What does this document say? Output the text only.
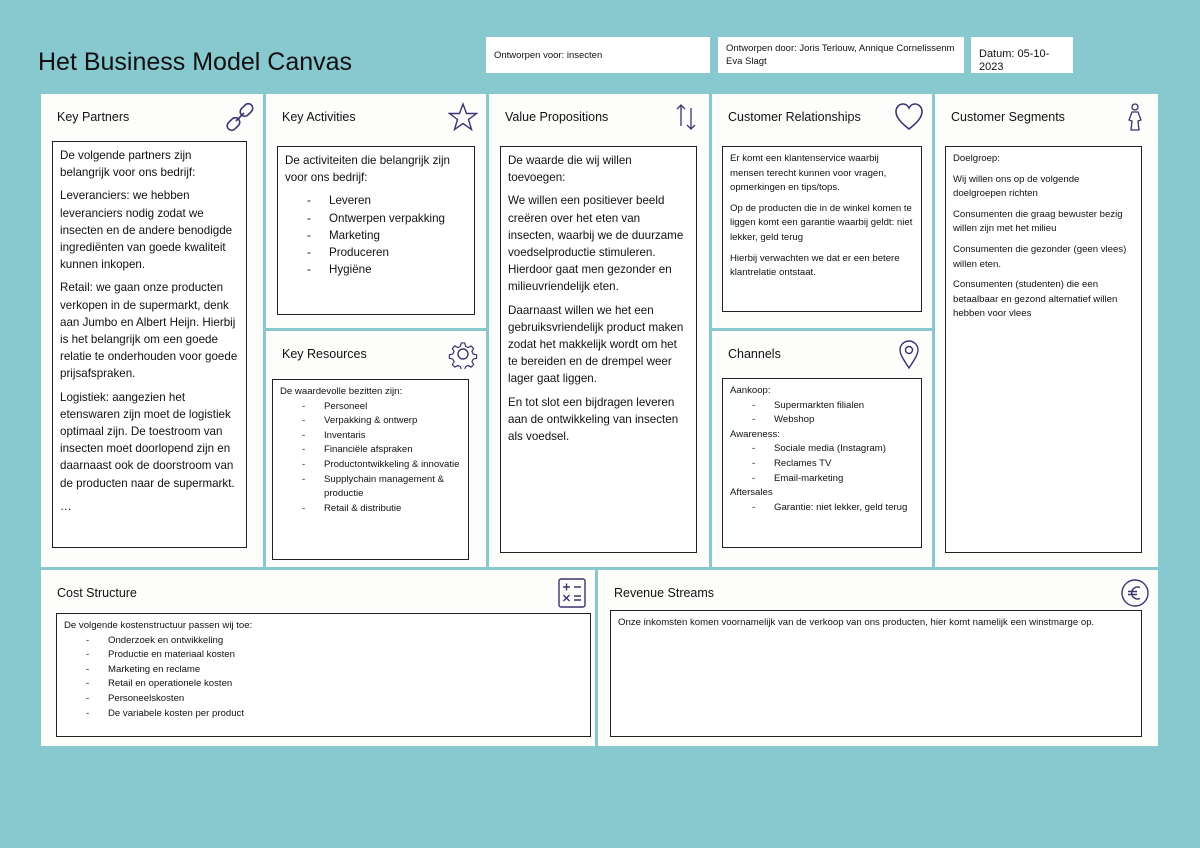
Het Business Model Canvas	Ontworpen voor: insecten
Ontworpen door: Joris Terlouw, Annique Cornelissenm
Eva Slagt
Datum: 05-10-2023
Key Partners

De volgende partners zijn belangrijk voor ons bedrijf:

Leveranciers: we hebben leveranciers nodig zodat we insecten en de andere benodigde ingrediënten van goede kwaliteit kunnen inkopen.

Retail: we gaan onze producten verkopen in de supermarkt, denk aan Jumbo en Albert Heijn. Hierbij is het belangrijk om een goede relatie te onderhouden voor goede prijsafspraken.

Logistiek: aangezien het etenswaren zijn moet de logistiek optimaal zijn. De toestroom van insecten moet doorlopend zijn en daarnaast ook de doorstroom van de producten naar de supermarkt.

…

Key Activities

De activiteiten die belangrijk zijn voor ons bedrijf:

- Leveren
- Ontwerpen verpakking
- Marketing
- Produceren
- Hygiëne
Key Resources

De waardevolle bezitten zijn:

- Personeel
- Verpakking & ontwerp
- Inventaris
- Financiële afspraken
- Productontwikkeling & innovatie
- Supplychain management & productie
- Retail & distributie
Value Propositions

De waarde die wij willen toevoegen:

We willen een positiever beeld creëren over het eten van insecten, waarbij we de duurzame voedselproductie stimuleren. Hierdoor gaat men gezonder en milieuvriendelijk eten.

Daarnaast willen we het een gebruiksvriendelijk product maken zodat het makkelijk wordt om het te bereiden en de drempel weer lager gaat liggen.

En tot slot een bijdragen leveren aan de ontwikkeling van insecten als voedsel.

Customer Relationships

Er komt een klantenservice waarbij mensen terecht kunnen voor vragen, opmerkingen en tips/tops.

Op de producten die in de winkel komen te liggen komt een garantie waarbij geldt: niet lekker, geld terug

Hierbij verwachten we dat er een betere klantrelatie ontstaat.

Channels

Aankoop:

- Supermarkten filialen
- Webshop

Awareness:

- Sociale media (Instagram)
- Reclames TV
- Email-marketing

Aftersales

- Garantie: niet lekker, geld terug
Customer Segments

Doelgroep:

Wij willen ons op de volgende doelgroepen richten

Consumenten die graag bewuster bezig willen zijn met het milieu

Consumenten die gezonder (geen vlees) willen eten.

Consumenten (studenten) die een betaalbaar en gezond alternatief willen hebben voor vlees

Cost Structure

De volgende kostenstructuur passen wij toe:

- Onderzoek en ontwikkeling
- Productie en materiaal kosten
- Marketing en reclame
- Retail en operationele kosten
- Personeelskosten
- De variabele kosten per product
Revenue Streams

Onze inkomsten komen voornamelijk van de verkoop van ons producten, hier komt namelijk een winstmarge op.
